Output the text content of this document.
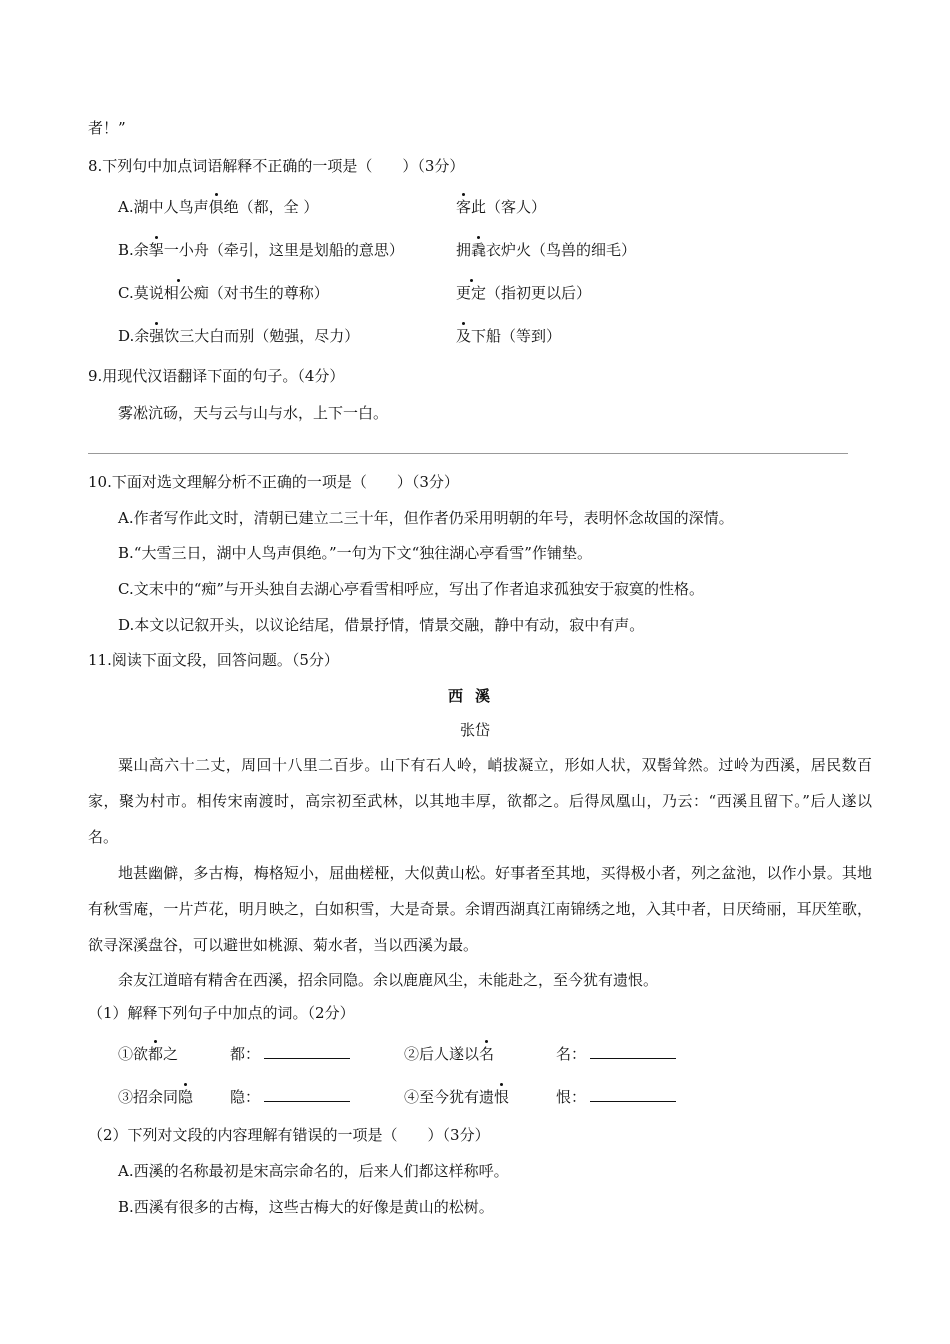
者！”
8.下列句中加点词语解释不正确的一项是（　　）（3分）
A.湖中人鸟声俱绝（都，全 ）	客此（客人）
B.余挐一小舟（牵引，这里是划船的意思）	拥毳衣炉火（鸟兽的细毛）
C.莫说相公痴（对书生的尊称）	更定（指初更以后）
D.余强饮三大白而别（勉强，尽力）	及下船（等到）
9.用现代汉语翻译下面的句子。（4分）
雾凇沆砀，天与云与山与水，上下一白。
10.下面对选文理解分析不正确的一项是（　　）（3分）
A.作者写作此文时，清朝已建立二三十年，但作者仍采用明朝的年号，表明怀念故国的深情。
B.“大雪三日，湖中人鸟声俱绝。”一句为下文“独往湖心亭看雪”作铺垫。
C.文末中的“痴”与开头独自去湖心亭看雪相呼应，写出了作者追求孤独安于寂寞的性格。
D.本文以记叙开头，以议论结尾，借景抒情，情景交融，静中有动，寂中有声。
11.阅读下面文段，回答问题。（5分）
西溪
张岱
粟山高六十二丈，周回十八里二百步。山下有石人岭，峭拔凝立，形如人状，双髻耸然。过岭为西溪，居民数百家，聚为村市。相传宋南渡时，高宗初至武林，以其地丰厚，欲都之。后得凤凰山，乃云：“西溪且留下。”后人遂以名。
地甚幽僻，多古梅，梅格短小，屈曲槎桠，大似黄山松。好事者至其地，买得极小者，列之盆池，以作小景。其地有秋雪庵，一片芦花，明月映之，白如积雪，大是奇景。余谓西湖真江南锦绣之地，入其中者，日厌绮丽，耳厌笙歌，欲寻深溪盘谷，可以避世如桃源、菊水者，当以西溪为最。
余友江道暗有精舍在西溪，招余同隐。余以鹿鹿风尘，未能赴之，至今犹有遗恨。
（1）解释下列句子中加点的词。（2分）
①欲都之	都：	②后人遂以名	名：
③招余同隐 隐：	④至今犹有遗恨	恨：
（2）下列对文段的内容理解有错误的一项是（　　）（3分）
A.西溪的名称最初是宋高宗命名的，后来人们都这样称呼。
B.西溪有很多的古梅，这些古梅大的好像是黄山的松树。
